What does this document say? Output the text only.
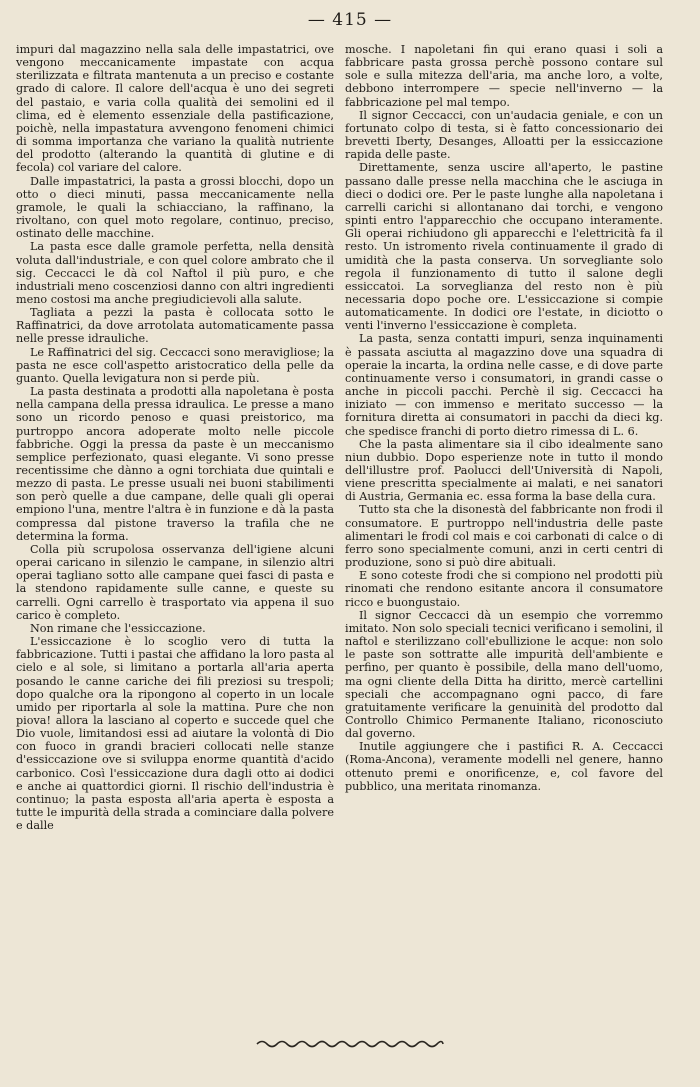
— 415 —

impuri dal magazzino nella sala delle impastatrici, ove vengono meccanicamente impastate con acqua sterilizzata e filtrata mantenuta a un preciso e costante grado di calore. Il calore dell'acqua è uno dei segreti del pastaio, e varia colla qualità dei semolini ed il clima, ed è elemento essenziale della pastificazione, poichè, nella impastatura avvengono fenomeni chimici di somma importanza che variano la qualità nutriente del prodotto (alterando la quantità di glutine e di fecola) col variare del calore.

Dalle impastatrici, la pasta a grossi blocchi, dopo un otto o dieci minuti, passa meccanicamente nella gramole, le quali la schiacciano, la raffinano, la rivoltano, con quel moto regolare, continuo, preciso, ostinato delle macchine.

La pasta esce dalle gramole perfetta, nella densità voluta dall'industriale, e con quel colore ambrato che il sig. Ceccacci le dà col Naftol il più puro, e che industriali meno coscenziosi danno con altri ingredienti meno costosi ma anche pregiudicievoli alla salute.

Tagliata a pezzi la pasta è collocata sotto le Raffinatrici, da dove arrotolata automaticamente passa nelle presse idrauliche.

Le Raffinatrici del sig. Ceccacci sono meravigliose; la pasta ne esce coll'aspetto aristocratico della pelle da guanto. Quella levigatura non si perde più.

La pasta destinata a prodotti alla napoletana è posta nella campana della pressa idraulica. Le presse a mano sono un ricordo penoso e quasi preistorico, ma purtroppo ancora adoperate molto nelle piccole fabbriche. Oggi la pressa da paste è un meccanismo semplice perfezionato, quasi elegante. Vi sono presse recentissime che dànno a ogni torchiata due quintali e mezzo di pasta. Le presse usuali nei buoni stabilimenti son però quelle a due campane, delle quali gli operai empiono l'una, mentre l'altra è in funzione e dà la pasta compressa dal pistone traverso la trafila che ne determina la forma.

Colla più scrupolosa osservanza dell'igiene alcuni operai caricano in silenzio le campane, in silenzio altri operai tagliano sotto alle campane quei fasci di pasta e la stendono rapidamente sulle canne, e queste su carrelli. Ogni carrello è trasportato via appena il suo carico è completo.

Non rimane che l'essiccazione.

L'essiccazione è lo scoglio vero di tutta la fabbricazione. Tutti i pastai che affidano la loro pasta al cielo e al sole, si limitano a portarla all'aria aperta posando le canne cariche dei fili preziosi su trespoli; dopo qualche ora la ripongono al coperto in un locale umido per riportarla al sole la mattina. Pure che non piova! allora la lasciano al coperto e succede quel che Dio vuole, limitandosi essi ad aiutare la volontà di Dio con fuoco in grandi bracieri collocati nelle stanze d'essiccazione ove si sviluppa enorme quantità d'acido carbonico. Così l'essiccazione dura dagli otto ai dodici e anche ai quattordici giorni. Il rischio dell'industria è continuo; la pasta esposta all'aria aperta è esposta a tutte le impurità della strada a cominciare dalla polvere e dalle

mosche. I napoletani fin qui erano quasi i soli a fabbricare pasta grossa perchè possono contare sul sole e sulla mitezza dell'aria, ma anche loro, a volte, debbono interrompere — specie nell'inverno — la fabbricazione pel mal tempo.

Il signor Ceccacci, con un'audacia geniale, e con un fortunato colpo di testa, si è fatto concessionario dei brevetti Iberty, Desanges, Alloatti per la essiccazione rapida delle paste.

Direttamente, senza uscire all'aperto, le pastine passano dalle presse nella macchina che le asciuga in dieci o dodici ore. Per le paste lunghe alla napoletana i carrelli carichi si allontanano dai torchi, e vengono spinti entro l'apparecchio che occupano interamente. Gli operai richiudono gli apparecchi e l'elettricità fa il resto. Un istromento rivela continuamente il grado di umidità che la pasta conserva. Un sorvegliante solo regola il funzionamento di tutto il salone degli essiccatoi. La sorveglianza del resto non è più necessaria dopo poche ore. L'essiccazione si compie automaticamente. In dodici ore l'estate, in diciotto o venti l'inverno l'essiccazione è completa.

La pasta, senza contatti impuri, senza inquinamenti è passata asciutta al magazzino dove una squadra di operaie la incarta, la ordina nelle casse, e di dove parte continuamente verso i consumatori, in grandi casse o anche in piccoli pacchi. Perchè il sig. Ceccacci ha iniziato — con immenso e meritato successo — la fornitura diretta ai consumatori in pacchi da dieci kg. che spedisce franchi di porto dietro rimessa di L. 6.

Che la pasta alimentare sia il cibo idealmente sano niun dubbio. Dopo esperienze note in tutto il mondo dell'illustre prof. Paolucci dell'Università di Napoli, viene prescritta specialmente ai malati, e nei sanatori di Austria, Germania ec. essa forma la base della cura.

Tutto sta che la disonestà del fabbricante non frodi il consumatore. E purtroppo nell'industria delle paste alimentari le frodi col mais e coi carbonati di calce o di ferro sono specialmente comuni, anzi in certi centri di produzione, sono si può dire abituali.

E sono coteste frodi che si compiono nel prodotti più rinomati che rendono esitante ancora il consumatore ricco e buongustaio.

Il signor Ceccacci dà un esempio che vorremmo imitato. Non solo speciali tecnici verificano i semolini, il naftol e sterilizzano coll'ebullizione le acque: non solo le paste son sottratte alle impurità dell'ambiente e perfino, per quanto è possibile, della mano dell'uomo, ma ogni cliente della Ditta ha diritto, mercè cartellini speciali che accompagnano ogni pacco, di fare gratuitamente verificare la genuinità del prodotto dal Controllo Chimico Permanente Italiano, riconosciuto dal governo.

Inutile aggiungere che i pastifici R. A. Ceccacci (Roma-Ancona), veramente modelli nel genere, hanno ottenuto premi e onorificenze, e, col favore del pubblico, una meritata rinomanza.
